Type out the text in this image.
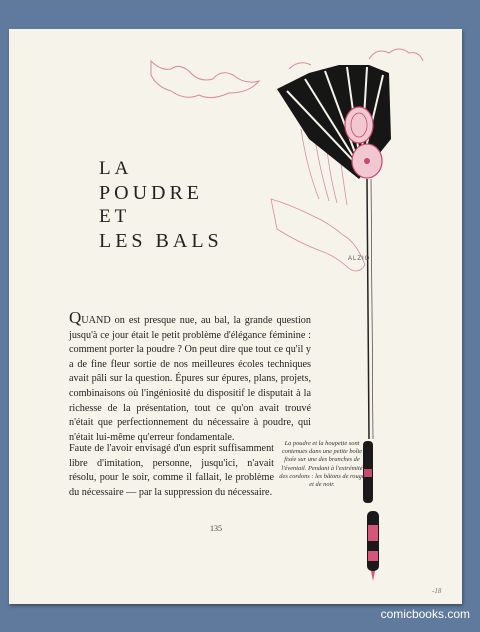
LA
POUDRE
ET
LES BALS
ALZIO

QUAND on est presque nue, au bal, la grande question jusqu'à ce jour était le petit problème d'élégance féminine : comment porter la poudre ? On peut dire que tout ce qu'il y a de fine fleur sortie de nos meilleures écoles techniques avait pâli sur la question. Épures sur épures, plans, projets, combinaisons où l'ingéniosité du dispositif le disputait à la richesse de la présentation, tout ce qu'on avait trouvé n'était que perfectionnement du nécessaire à poudre, qui n'était lui-même qu'erreur fondamentale.

Faute de l'avoir envisagé d'un esprit suffisamment libre d'imitation, personne, jusqu'ici, n'avait résolu, pour le soir, comme il fallait, le problème du nécessaire — par la suppression du nécessaire.

La poudre et la houpette sont contenues dans une petite boîte fixée sur une des branches de l'éventail. Pendant à l'extrémité des cordons : les bâtons de rouge et de noir.

135
-18
comicbooks.com
